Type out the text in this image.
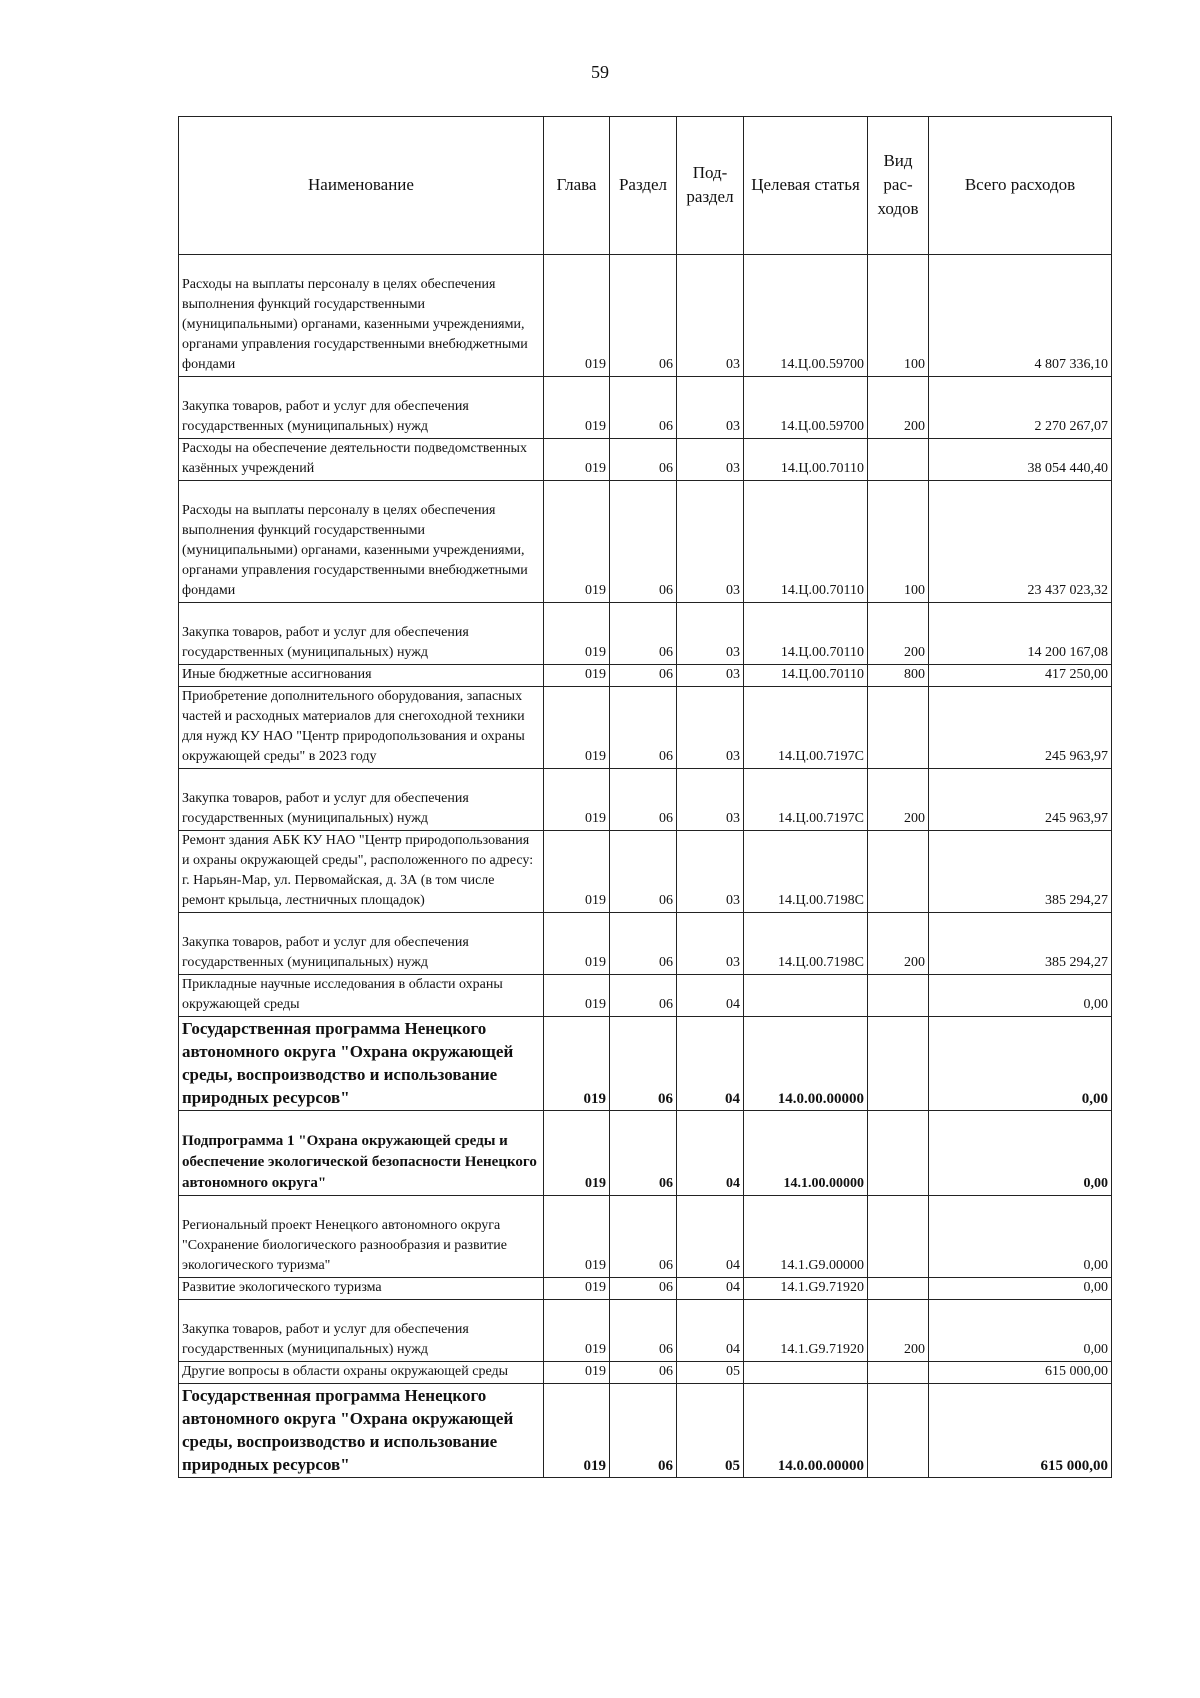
59
Наименование	Глава	Раздел	Под-раздел	Целевая статья	Вид рас-ходов	Всего расходов
Расходы на выплаты персоналу в целях обеспечения выполнения функций государственными (муниципальными) органами, казенными учреждениями, органами управления государственными внебюджетными фондами	019	06	03	14.Ц.00.59700	100	4 807 336,10
Закупка товаров, работ и услуг для обеспечения государственных (муниципальных) нужд	019	06	03	14.Ц.00.59700	200	2 270 267,07
Расходы на обеспечение деятельности подведомственных казённых учреждений	019	06	03	14.Ц.00.70110		38 054 440,40
Расходы на выплаты персоналу в целях обеспечения выполнения функций государственными (муниципальными) органами, казенными учреждениями, органами управления государственными внебюджетными фондами	019	06	03	14.Ц.00.70110	100	23 437 023,32
Закупка товаров, работ и услуг для обеспечения государственных (муниципальных) нужд	019	06	03	14.Ц.00.70110	200	14 200 167,08
Иные бюджетные ассигнования	019	06	03	14.Ц.00.70110	800	417 250,00
Приобретение дополнительного оборудования, запасных частей и расходных материалов для снегоходной техники для нужд КУ НАО "Центр природопользования и охраны окружающей среды" в 2023 году	019	06	03	14.Ц.00.7197С		245 963,97
Закупка товаров, работ и услуг для обеспечения государственных (муниципальных) нужд	019	06	03	14.Ц.00.7197С	200	245 963,97
Ремонт здания АБК КУ НАО "Центр природопользования и охраны окружающей среды", расположенного по адресу: г. Нарьян-Мар, ул. Первомайская, д. 3А (в том числе ремонт крыльца, лестничных площадок)	019	06	03	14.Ц.00.7198С		385 294,27
Закупка товаров, работ и услуг для обеспечения государственных (муниципальных) нужд	019	06	03	14.Ц.00.7198С	200	385 294,27
Прикладные научные исследования в области охраны окружающей среды	019	06	04			0,00
Государственная программа Ненецкого автономного округа "Охрана окружающей среды, воспроизводство и использование природных ресурсов"	019	06	04	14.0.00.00000		0,00
Подпрограмма 1 "Охрана окружающей среды и обеспечение экологической безопасности Ненецкого автономного округа"	019	06	04	14.1.00.00000		0,00
Региональный проект Ненецкого автономного округа "Сохранение биологического разнообразия и развитие экологического туризма"	019	06	04	14.1.G9.00000		0,00
Развитие экологического туризма	019	06	04	14.1.G9.71920		0,00
Закупка товаров, работ и услуг для обеспечения государственных (муниципальных) нужд	019	06	04	14.1.G9.71920	200	0,00
Другие вопросы в области охраны окружающей среды	019	06	05			615 000,00
Государственная программа Ненецкого автономного округа "Охрана окружающей среды, воспроизводство и использование природных ресурсов"	019	06	05	14.0.00.00000		615 000,00
